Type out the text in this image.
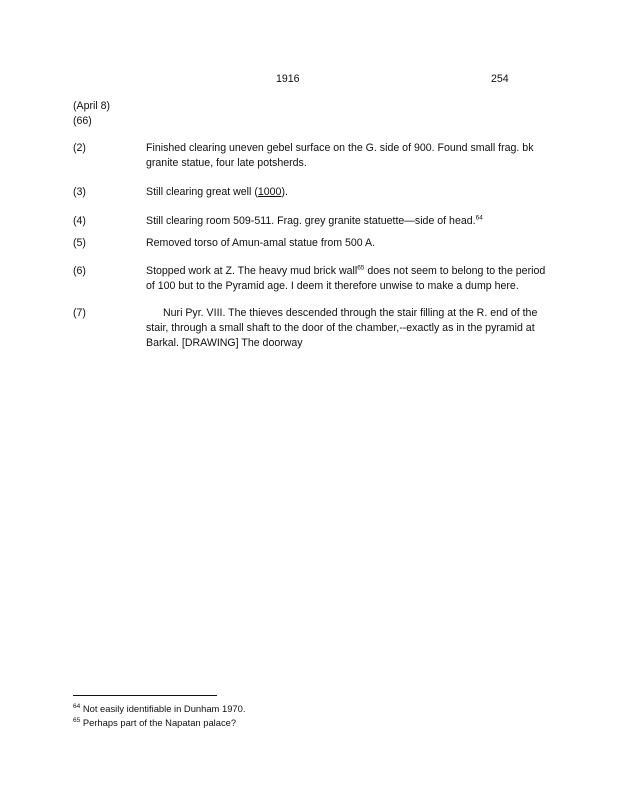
1916	254
(April 8)
(66)
(2)	Finished clearing uneven gebel surface on the G. side of 900. Found small frag. bk granite statue, four late potsherds.
(3)	Still clearing great well (1000).
(4)	Still clearing room 509-511. Frag. grey granite statuette—side of head.$^{64}$
(5)	Removed torso of Amun-amal statue from 500 A.
(6)	Stopped work at Z. The heavy mud brick wall$^{65}$ does not seem to belong to the period of 100 but to the Pyramid age. I deem it therefore unwise to make a dump here.
(7)	Nuri Pyr. VIII. The thieves descended through the stair filling at the R. end of the stair, through a small shaft to the door of the chamber,--exactly as in the pyramid at Barkal. [DRAWING] The doorway
$^{64}$ Not easily identifiable in Dunham 1970.
$^{65}$ Perhaps part of the Napatan palace?
